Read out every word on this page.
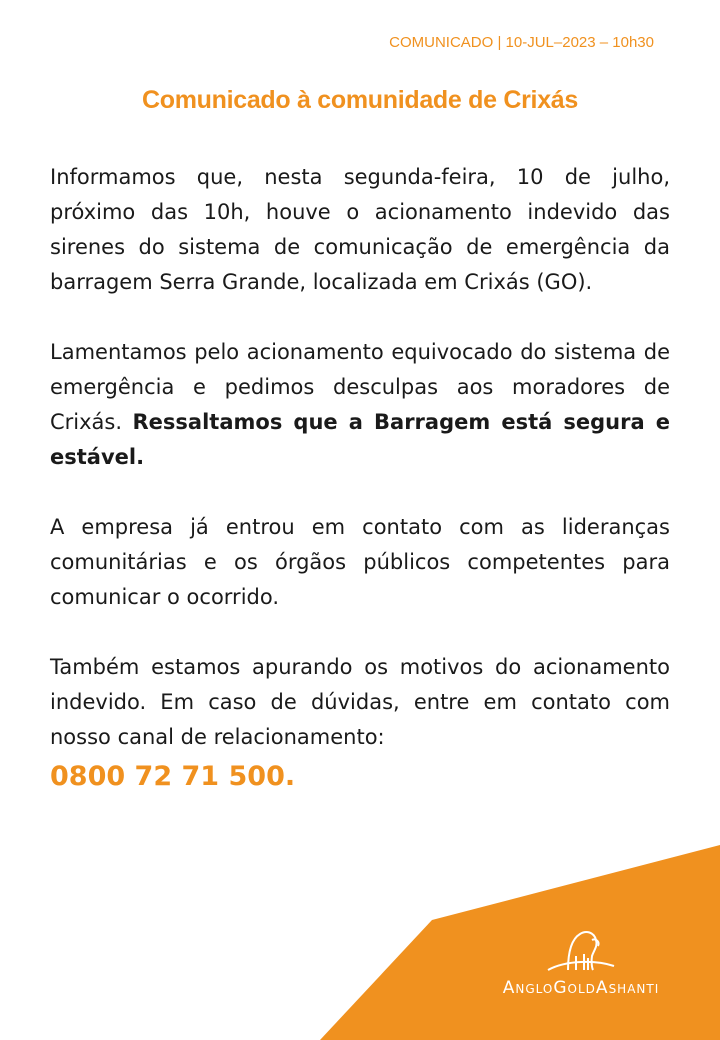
COMUNICADO | 10-JUL–2023 – 10h30
Comunicado à comunidade de Crixás

Informamos que, nesta segunda-feira, 10 de julho, próximo das 10h, houve o acionamento indevido das sirenes do sistema de comunicação de emergência da barragem Serra Grande, localizada em Crixás (GO).

Lamentamos pelo acionamento equivocado do sistema de emergência e pedimos desculpas aos moradores de Crixás. Ressaltamos que a Barragem está segura e estável.

A empresa já entrou em contato com as lideranças comunitárias e os órgãos públicos competentes para comunicar o ocorrido.

Também estamos apurando os motivos do acionamento indevido. Em caso de dúvidas, entre em contato com nosso canal de relacionamento:
0800 72 71 500.

ANGLOGOLDASHANTI
